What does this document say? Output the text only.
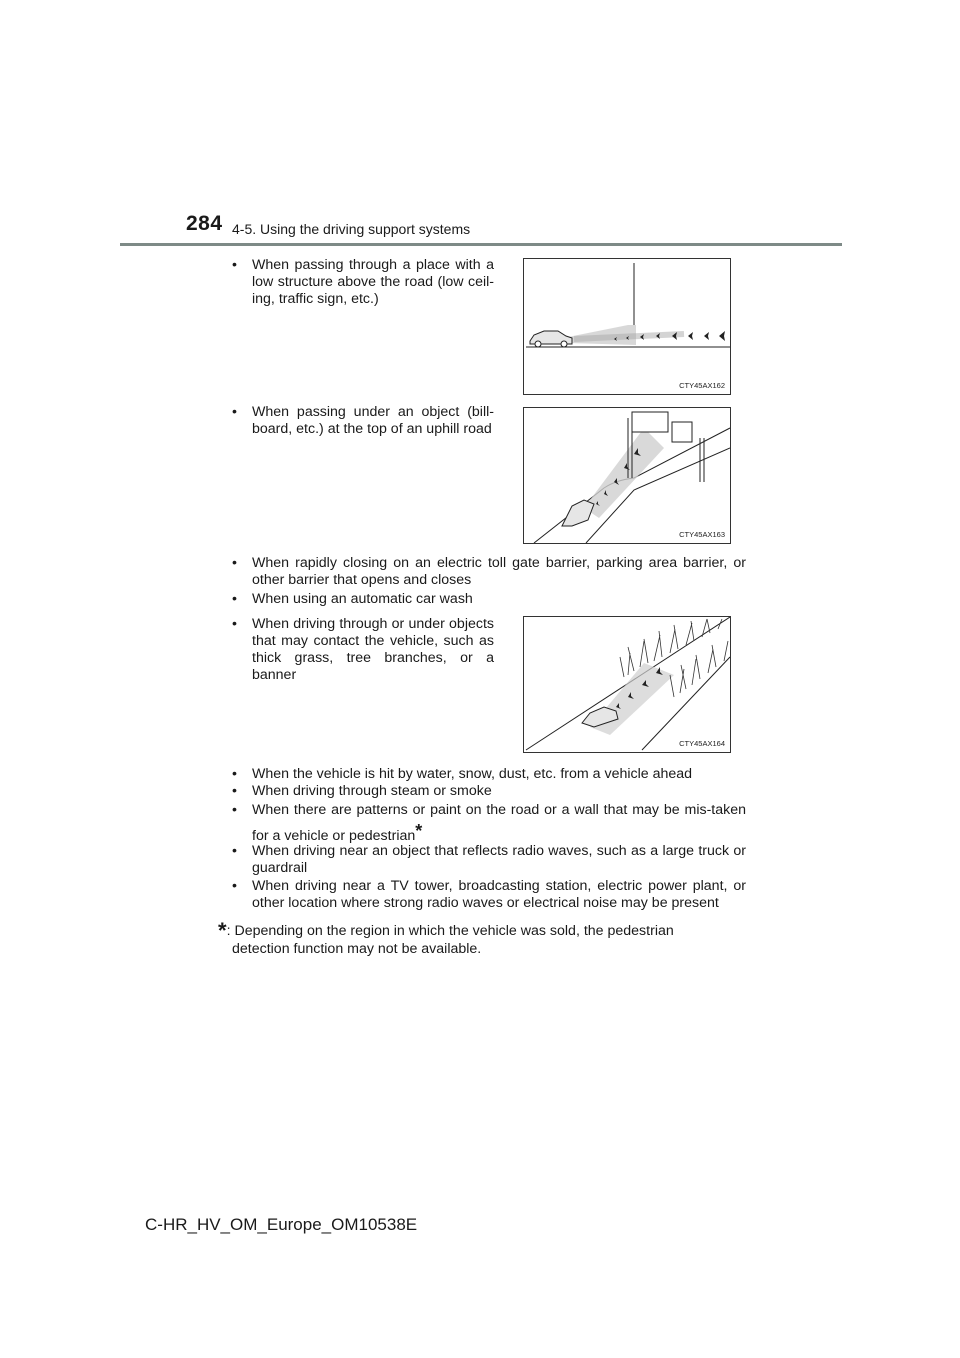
284 4-5. Using the driving support systems
• When passing through a place with a low structure above the road (low ceil-ing, traffic sign, etc.)
CTY45AX162
• When passing under an object (bill-board, etc.) at the top of an uphill road
CTY45AX163
• When rapidly closing on an electric toll gate barrier, parking area barrier, or other barrier that opens and closes
• When using an automatic car wash
• When driving through or under objects that may contact the vehicle, such as thick grass, tree branches, or a banner
CTY45AX164
• When the vehicle is hit by water, snow, dust, etc. from a vehicle ahead
• When driving through steam or smoke
• When there are patterns or paint on the road or a wall that may be mis-taken for a vehicle or pedestrian*
• When driving near an object that reflects radio waves, such as a large truck or guardrail
• When driving near a TV tower, broadcasting station, electric power plant, or other location where strong radio waves or electrical noise may be present
*: Depending on the region in which the vehicle was sold, the pedestrian
detection function may not be available.
C-HR_HV_OM_Europe_OM10538E
